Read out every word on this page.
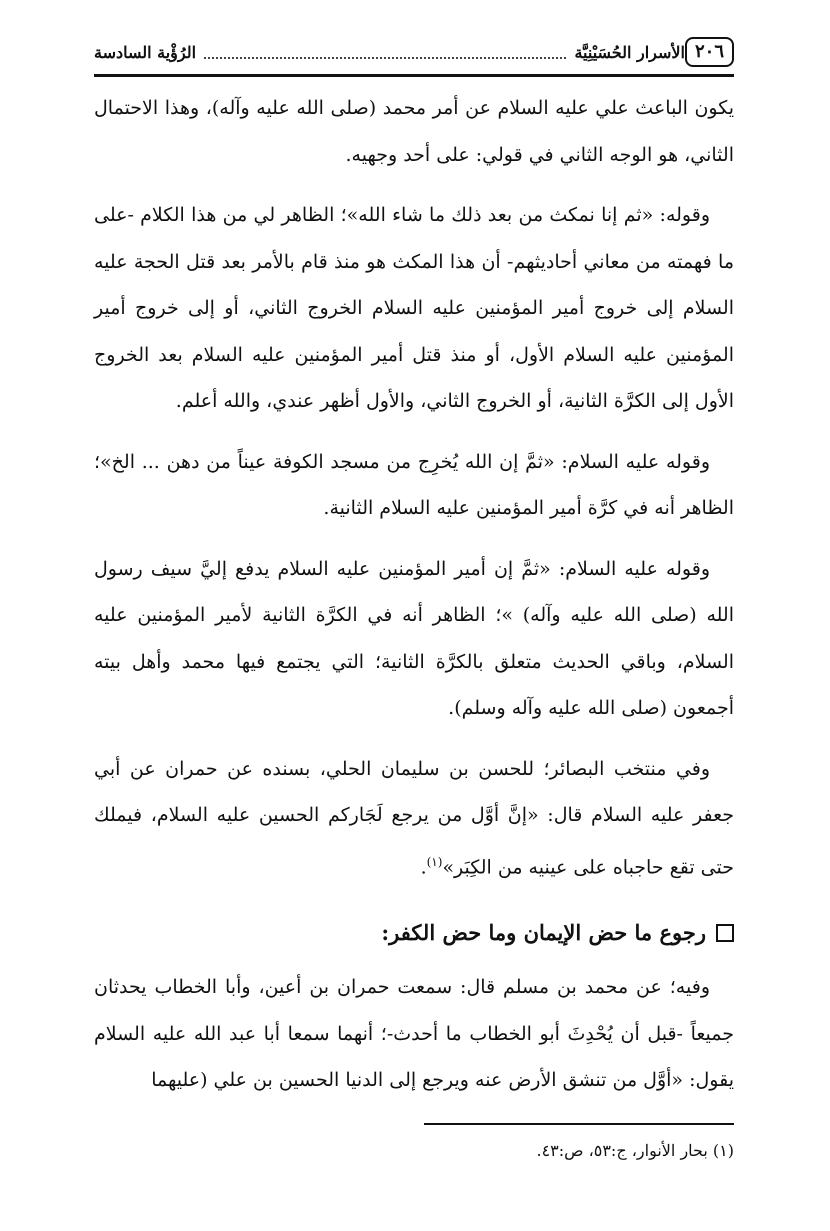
٢٠٦
الأسرار الحُسَيْنِيَّة
الرُؤْية السادسة

يكون الباعث علي عليه السلام عن أمر محمد (صلى الله عليه وآله)، وهذا الاحتمال الثاني، هو الوجه الثاني في قولي: على أحد وجهيه.

وقوله: «ثم إنا نمكث من بعد ذلك ما شاء الله»؛ الظاهر لي من هذا الكلام -على ما فهمته من معاني أحاديثهم- أن هذا المكث هو منذ قام بالأمر بعد قتل الحجة عليه السلام إلى خروج أمير المؤمنين عليه السلام الخروج الثاني، أو إلى خروج أمير المؤمنين عليه السلام الأول، أو منذ قتل أمير المؤمنين عليه السلام بعد الخروج الأول إلى الكرَّة الثانية، أو الخروج الثاني، والأول أظهر عندي، والله أعلم.

وقوله عليه السلام: «ثمَّ إن الله يُخرِج من مسجد الكوفة عيناً من دهن ... الخ»؛ الظاهر أنه في كرَّة أمير المؤمنين عليه السلام الثانية.

وقوله عليه السلام: «ثمَّ إن أمير المؤمنين عليه السلام يدفع إليَّ سيف رسول الله (صلى الله عليه وآله) »؛ الظاهر أنه في الكرَّة الثانية لأمير المؤمنين عليه السلام، وباقي الحديث متعلق بالكرَّة الثانية؛ التي يجتمع فيها محمد وأهل بيته أجمعون (صلى الله عليه وآله وسلم).

وفي منتخب البصائر؛ للحسن بن سليمان الحلي، بسنده عن حمران عن أبي جعفر عليه السلام قال: «إنَّ أوَّل من يرجع لَجَاركم الحسين عليه السلام، فيملك حتى تقع حاجباه على عينيه من الكِبَر»$^{(١)}$.

رجوع ما حض الإيمان وما حض الكفر:

وفيه؛ عن محمد بن مسلم قال: سمعت حمران بن أعين، وأبا الخطاب يحدثان جميعاً -قبل أن يُحْدِثَ أبو الخطاب ما أحدث-؛ أنهما سمعا أبا عبد الله عليه السلام يقول: «أوَّل من تنشق الأرض عنه ويرجع إلى الدنيا الحسين بن علي (عليهما

(١) بحار الأنوار، ج:٥٣، ص:٤٣.
